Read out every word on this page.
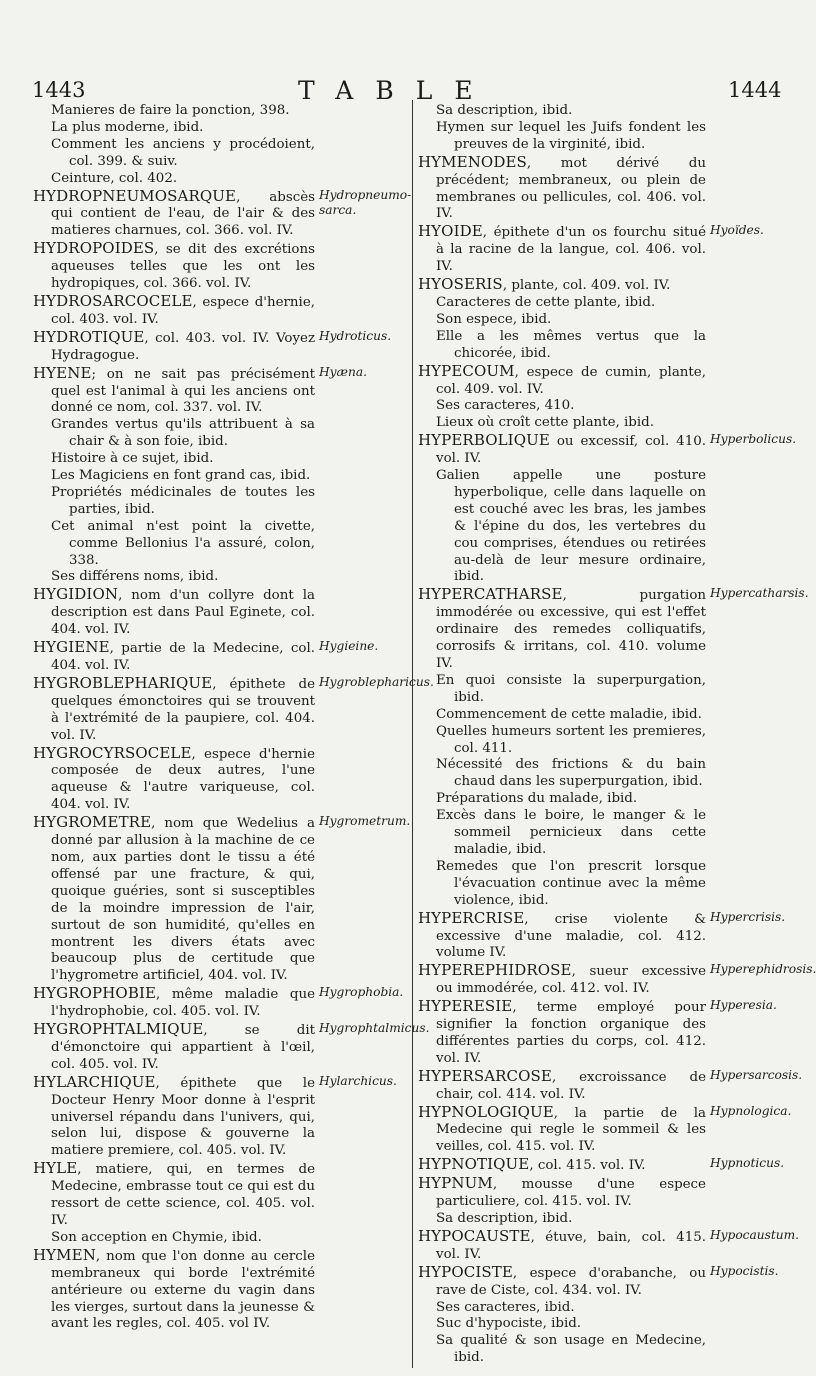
1443	TABLE	1444
Manieres de faire la ponction, 398.
La plus moderne, ibid.
Comment les anciens y procédoient, col. 399. & suiv.
Ceinture, col. 402.
HYDROPNEUMOSARQUE, abscès qui contient de l'eau, de l'air & des matieres charnues, col. 366. vol. IV.
Hydropneumo-sarca.
HYDROPOIDES, se dit des excrétions aqueuses telles que les ont les hydropiques, col. 366. vol. IV.
HYDROSARCOCELE, espece d'hernie, col. 403. vol. IV.
HYDROTIQUE, col. 403. vol. IV. Voyez Hydragogue.
Hydroticus.
HYENE; on ne sait pas précisément quel est l'animal à qui les anciens ont donné ce nom, col. 337. vol. IV.
Hyæna.
Grandes vertus qu'ils attribuent à sa chair & à son foie, ibid.
Histoire à ce sujet, ibid.
Les Magiciens en font grand cas, ibid.
Propriétés médicinales de toutes les parties, ibid.
Cet animal n'est point la civette, comme Bellonius l'a assuré, colon, 338.
Ses différens noms, ibid.
HYGIDION, nom d'un collyre dont la description est dans Paul Eginete, col. 404. vol. IV.
HYGIENE, partie de la Medecine, col. 404. vol. IV.
Hygieine.
HYGROBLEPHARIQUE, épithete de quelques émonctoires qui se trouvent à l'extrémité de la paupiere, col. 404. vol. IV.
Hygroblepharicus.
HYGROCYRSOCELE, espece d'hernie composée de deux autres, l'une aqueuse & l'autre variqueuse, col. 404. vol. IV.
HYGROMETRE, nom que Wedelius a donné par allusion à la machine de ce nom, aux parties dont le tissu a été offensé par une fracture, & qui, quoique guéries, sont si susceptibles de la moindre impression de l'air, surtout de son humidité, qu'elles en montrent les divers états avec beaucoup plus de certitude que l'hygrometre artificiel, 404. vol. IV.
Hygrometrum.
HYGROPHOBIE, même maladie que l'hydrophobie, col. 405. vol. IV.
Hygrophobia.
HYGROPHTALMIQUE, se dit d'émonctoire qui appartient à l'œil, col. 405. vol. IV.
Hygrophtalmicus.
HYLARCHIQUE, épithete que le Docteur Henry Moor donne à l'esprit universel répandu dans l'univers, qui, selon lui, dispose & gouverne la matiere premiere, col. 405. vol. IV.
Hylarchicus.
HYLE, matiere, qui, en termes de Medecine, embrasse tout ce qui est du ressort de cette science, col. 405. vol. IV.
Son acception en Chymie, ibid.
HYMEN, nom que l'on donne au cercle membraneux qui borde l'extrémité antérieure ou externe du vagin dans les vierges, surtout dans la jeunesse & avant les regles, col. 405. vol IV.
Sa description, ibid.
Hymen sur lequel les Juifs fondent les preuves de la virginité, ibid.
HYMENODES, mot dérivé du précédent; membraneux, ou plein de membranes ou pellicules, col. 406. vol. IV.
HYOIDE, épithete d'un os fourchu situé à la racine de la langue, col. 406. vol. IV.
Hyoïdes.
HYOSERIS, plante, col. 409. vol. IV.
Caracteres de cette plante, ibid.
Son espece, ibid.
Elle a les mêmes vertus que la chicorée, ibid.
HYPECOUM, espece de cumin, plante, col. 409. vol. IV.
Ses caracteres, 410.
Lieux où croît cette plante, ibid.
HYPERBOLIQUE ou excessif, col. 410. vol. IV.
Hyperbolicus.
Galien appelle une posture hyperbolique, celle dans laquelle on est couché avec les bras, les jambes & l'épine du dos, les vertebres du cou comprises, étendues ou retirées au-delà de leur mesure ordinaire, ibid.
HYPERCATHARSE, purgation immodérée ou excessive, qui est l'effet ordinaire des remedes colliquatifs, corrosifs & irritans, col. 410. volume IV.
Hypercatharsis.
En quoi consiste la superpurgation, ibid.
Commencement de cette maladie, ibid.
Quelles humeurs sortent les premieres, col. 411.
Nécessité des frictions & du bain chaud dans les superpurgation, ibid.
Préparations du malade, ibid.
Excès dans le boire, le manger & le sommeil pernicieux dans cette maladie, ibid.
Remedes que l'on prescrit lorsque l'évacuation continue avec la même violence, ibid.
HYPERCRISE, crise violente & excessive d'une maladie, col. 412. volume IV.
Hypercrisis.
HYPEREPHIDROSE, sueur excessive ou immodérée, col. 412. vol. IV.
Hyperephidrosis.
HYPERESIE, terme employé pour signifier la fonction organique des différentes parties du corps, col. 412. vol. IV.
Hyperesia.
HYPERSARCOSE, excroissance de chair, col. 414. vol. IV.
Hypersarcosis.
HYPNOLOGIQUE, la partie de la Medecine qui regle le sommeil & les veilles, col. 415. vol. IV.
Hypnologica.
HYPNOTIQUE, col. 415. vol. IV.	Hypnoticus.
HYPNUM, mousse d'une espece particuliere, col. 415. vol. IV.
Sa description, ibid.
HYPOCAUSTE, étuve, bain, col. 415. vol. IV.
Hypocaustum.
HYPOCISTE, espece d'orabanche, ou rave de Ciste, col. 434. vol. IV.
Hypocistis.
Ses caracteres, ibid.
Suc d'hypociste, ibid.
Sa qualité & son usage en Medecine, ibid.
